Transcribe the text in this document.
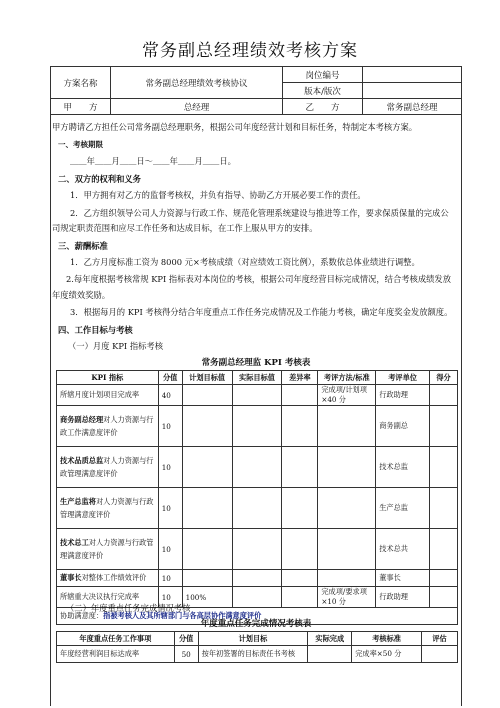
常务副总经理绩效考核方案
方案名称	常务副总经理绩效考核协议	岗位编号	
		版本/版次	
甲　　方	总经理	乙　　方	常务副总经理
甲方聘请乙方担任公司常务副总经理职务，根据公司年度经营计划和目标任务，特制定本考核方案。
一、考核期限
＿＿年＿＿月＿＿日～＿＿年＿＿月＿＿日。
二、双方的权利和义务
1．甲方拥有对乙方的监督考核权，并负有指导、协助乙方开展必要工作的责任。
2．乙方组织领导公司人力资源与行政工作、规范化管理系统建设与推进等工作，要求保质保量的完成公
司规定职责范围和应尽工作任务和达成目标，在工作上服从甲方的安排。
三、薪酬标准
1．乙方月度标准工资为 8000 元×考核成绩（对应绩效工资比例），系数依总体业绩进行调整。
2.每年度根据考核常规 KPI 指标表对本岗位的考核，根据公司年度经营目标完成情况，结合考核成绩发放
年度绩效奖励。
3．根据每月的 KPI 考核得分结合年度重点工作任务完成情况及工作能力考核，确定年度奖金发放额度。
四、工作目标与考核
（一）月度 KPI 指标考核
常务副总经理监 KPI 考核表
KPI 指标	分值	计划目标值	实际目标值	差异率	考评方法/标准	考评单位	得分
所辖月度计划项目完成率	40				完成项/计划项×40 分	行政助理	
商务副总经理对人力资源与行政工作满意度评价	10					商务副总	
技术品质总监对人力资源与行政管理满意度评价	10					技术总监	
生产总监将对人力资源与行政管理满意度评价	10					生产总监	
技术总工对人力资源与行政管理满意度评价	10					技术总共	
董事长对整体工作绩效评价	10					董事长	
所辖重大决议执行完成率	10	100%			完成项/要求项×10 分	行政助理	
协助满意度：指被考核人及其所辖部门与各高层协作满意度评价							
（二）年度重点任务完成情况考核
年度重点任务完成情况考核表
年度重点任务工作事项	分值	计划目标	实际完成	考核标准	评估
年度经营利润目标达成率	50	按年初签署的目标责任书考核		完成率×50 分	
